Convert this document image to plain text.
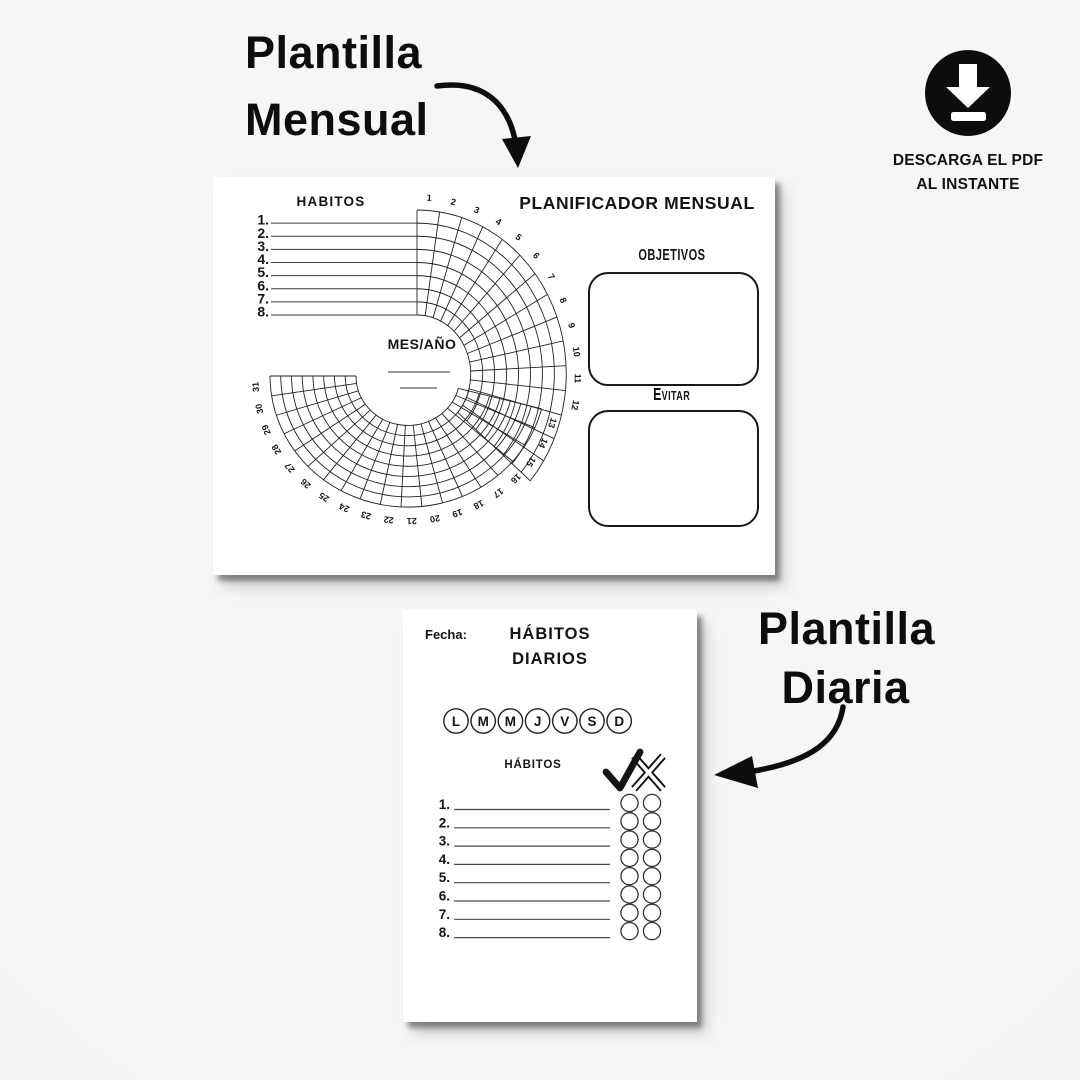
Plantilla
Mensual
DESCARGA EL PDF
AL INSTANTE
1 2
3
4
5
6
7
8
9
10
11
12
13
14
15
16
17
18
19
20
21
22
23
24
25
26
27
28
29
30
31
HABITOS
1.
2.
3.
4.
5.
6.
7.
8.
MES/AÑO
PLANIFICADOR MENSUAL
OBJETIVOS
Evitar
L M M J V S D
1.
2.
3.
4.
5.
6.
7.
8.
Fecha:	HÁBITOS
DIARIOS
HÁBITOS
Plantilla
Diaria
